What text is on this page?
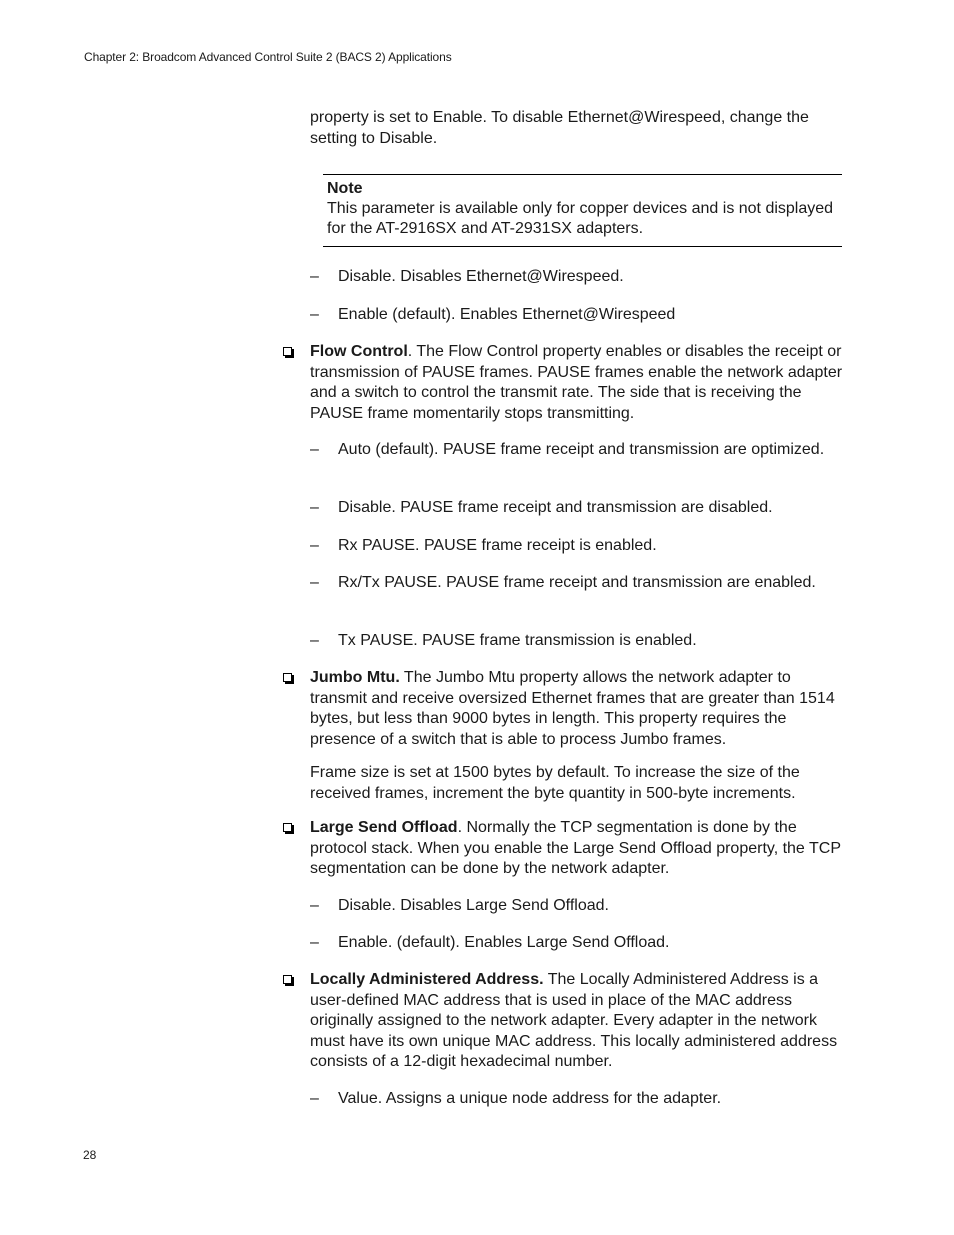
Chapter 2: Broadcom Advanced Control Suite 2 (BACS 2) Applications
property is set to Enable. To disable Ethernet@Wirespeed, change the setting to Disable.
Note
This parameter is available only for copper devices and is not displayed for the AT-2916SX and AT-2931SX adapters.
– Disable. Disables Ethernet@Wirespeed.
– Enable (default). Enables Ethernet@Wirespeed
Flow Control. The Flow Control property enables or disables the receipt or transmission of PAUSE frames. PAUSE frames enable the network adapter and a switch to control the transmit rate. The side that is receiving the PAUSE frame momentarily stops transmitting.
– Auto (default). PAUSE frame receipt and transmission are optimized.
– Disable. PAUSE frame receipt and transmission are disabled.
– Rx PAUSE. PAUSE frame receipt is enabled.
– Rx/Tx PAUSE. PAUSE frame receipt and transmission are enabled.
– Tx PAUSE. PAUSE frame transmission is enabled.
Jumbo Mtu. The Jumbo Mtu property allows the network adapter to transmit and receive oversized Ethernet frames that are greater than 1514 bytes, but less than 9000 bytes in length. This property requires the presence of a switch that is able to process Jumbo frames.
Frame size is set at 1500 bytes by default. To increase the size of the received frames, increment the byte quantity in 500-byte increments.
Large Send Offload. Normally the TCP segmentation is done by the protocol stack. When you enable the Large Send Offload property, the TCP segmentation can be done by the network adapter.
– Disable. Disables Large Send Offload.
– Enable. (default). Enables Large Send Offload.
Locally Administered Address. The Locally Administered Address is a user-defined MAC address that is used in place of the MAC address originally assigned to the network adapter. Every adapter in the network must have its own unique MAC address. This locally administered address consists of a 12-digit hexadecimal number.
– Value. Assigns a unique node address for the adapter.
28
